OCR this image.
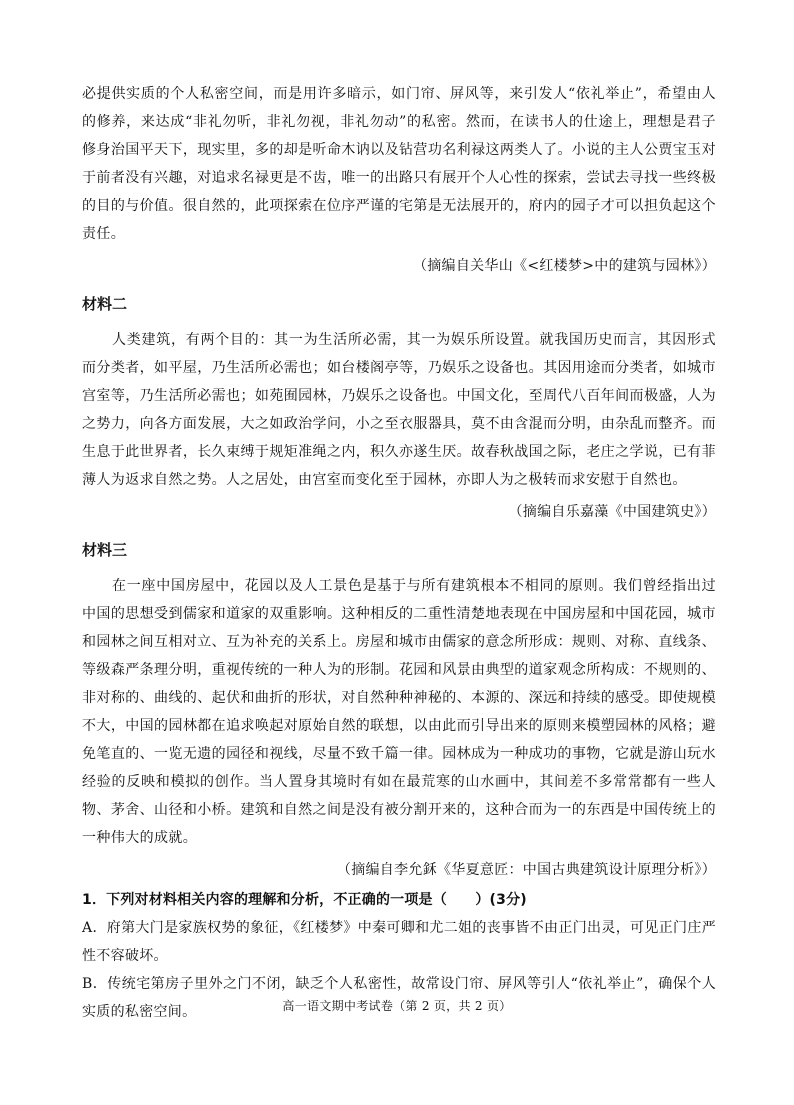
必提供实质的个人私密空间，而是用许多暗示，如门帘、屏风等，来引发人“依礼举止”，希望由人的修养，来达成“非礼勿听，非礼勿视，非礼勿动”的私密。然而，在读书人的仕途上，理想是君子修身治国平天下，现实里，多的却是听命木讷以及钻营功名利禄这两类人了。小说的主人公贾宝玉对于前者没有兴趣，对追求名禄更是不齿，唯一的出路只有展开个人心性的探索，尝试去寻找一些终极的目的与价值。很自然的，此项探索在位序严谨的宅第是无法展开的，府内的园子才可以担负起这个责任。

（摘编自关华山《<红楼梦>中的建筑与园林》）

材料二

人类建筑，有两个目的：其一为生活所必需，其一为娱乐所设置。就我国历史而言，其因形式而分类者，如平屋，乃生活所必需也；如台楼阁亭等，乃娱乐之设备也。其因用途而分类者，如城市宫室等，乃生活所必需也；如苑囿园林，乃娱乐之设备也。中国文化，至周代八百年间而极盛，人为之势力，向各方面发展，大之如政治学问，小之至衣服器具，莫不由含混而分明，由杂乱而整齐。而生息于此世界者，长久束缚于规矩准绳之内，积久亦遂生厌。故春秋战国之际，老庄之学说，已有菲薄人为返求自然之势。人之居处，由宫室而变化至于园林，亦即人为之极转而求安慰于自然也。

（摘编自乐嘉藻《中国建筑史》）

材料三

在一座中国房屋中，花园以及人工景色是基于与所有建筑根本不相同的原则。我们曾经指出过中国的思想受到儒家和道家的双重影响。这种相反的二重性清楚地表现在中国房屋和中国花园，城市和园林之间互相对立、互为补充的关系上。房屋和城市由儒家的意念所形成：规则、对称、直线条、等级森严条理分明，重视传统的一种人为的形制。花园和风景由典型的道家观念所构成：不规则的、非对称的、曲线的、起伏和曲折的形状，对自然种种神秘的、本源的、深远和持续的感受。即使规模不大，中国的园林都在追求唤起对原始自然的联想，以由此而引导出来的原则来模塑园林的风格；避免笔直的、一览无遗的园径和视线，尽量不致千篇一律。园林成为一种成功的事物，它就是游山玩水经验的反映和模拟的创作。当人置身其境时有如在最荒寒的山水画中，其间差不多常常都有一些人物、茅舍、山径和小桥。建筑和自然之间是没有被分割开来的，这种合而为一的东西是中国传统上的一种伟大的成就。

（摘编自李允鉌《华夏意匠：中国古典建筑设计原理分析》）

1．下列对材料相关内容的理解和分析，不正确的一项是（　　）(3分)

A．府第大门是家族权势的象征，《红楼梦》中秦可卿和尤二姐的丧事皆不由正门出灵，可见正门庄严性不容破坏。

B．传统宅第房子里外之门不闭，缺乏个人私密性，故常设门帘、屏风等引人“依礼举止”，确保个人实质的私密空间。	高一语文期中考试卷（第 2 页，共 2 页）
